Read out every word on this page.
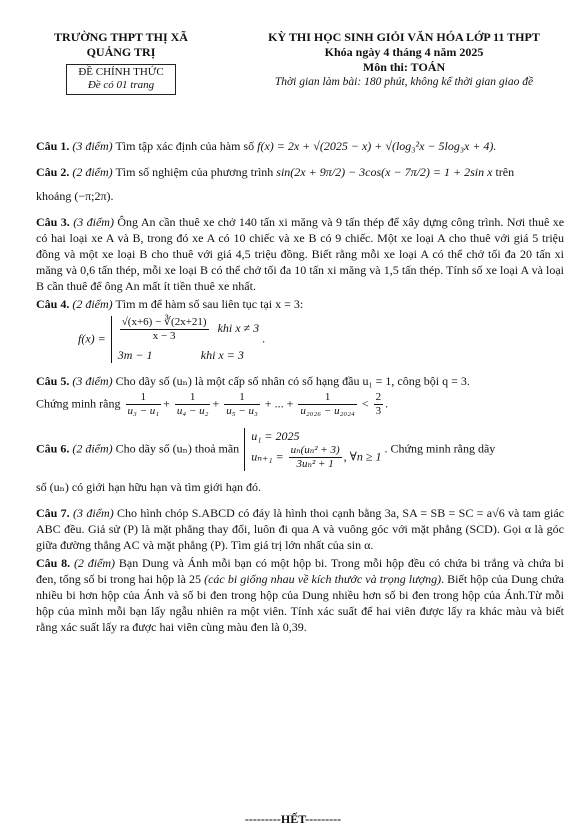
TRƯỜNG THPT THỊ XÃ
QUẢNG TRỊ
ĐỀ CHÍNH THỨC
Đề có 01 trang
KỲ THI HỌC SINH GIỎI VĂN HÓA LỚP 11 THPT
Khóa ngày 4 tháng 4 năm 2025
Môn thi: TOÁN
Thời gian làm bài: 180 phút, không kể thời gian giao đề

Câu 1. (3 điểm) Tìm tập xác định của hàm số f(x) = 2x + √(2025 − x) + √(log₃²x − 5log₃x + 4).

Câu 2. (2 điểm) Tìm số nghiệm của phương trình sin(2x + 9π/2) − 3cos(x − 7π/2) = 1 + 2sin x trên

khoảng (−π;2π).

Câu 3. (3 điểm) Ông An cần thuê xe chở 140 tấn xi măng và 9 tấn thép để xây dựng công trình. Nơi thuê xe có hai loại xe A và B, trong đó xe A có 10 chiếc và xe B có 9 chiếc. Một xe loại A cho thuê với giá 5 triệu đồng và một xe loại B cho thuê với giá 4,5 triệu đồng. Biết rằng mỗi xe loại A có thể chở tối đa 20 tấn xi măng và 0,6 tấn thép, mỗi xe loại B có thể chở tối đa 10 tấn xi măng và 1,5 tấn thép. Tính số xe loại A và loại B cần thuê để ông An mất ít tiền thuê xe nhất.

Câu 4. (2 điểm) Tìm m để hàm số sau liên tục tại x = 3:

$f(x) = \frac{√(x+6) - ∛(2x+21)}{x - 3}$ khi x ≠ 3
3m − 1	khi x = 3
.

Câu 5. (3 điểm) Cho dãy số (uₙ) là một cấp số nhân có số hạng đầu u₁ = 1, công bội q = 3.

Chứng minh rằng $\frac{1}{\text{u₃ − u₁}} + \frac{1}{\text{u₄ − u₂}} + \frac{1}{\text{u₅ − u₃}}$ + ... + $\frac{1}{\text{u₂₀₂₆ − u₂₀₂₄}} < \frac{2}{3}$ .
Câu 6. (2 điểm) Cho dãy số (uₙ) thoả mãn
u₁ = 2025
$u_{n+1} = \frac{\text{uₙ(uₙ² + 3)}}{\text{3uₙ² + 1}}$ , ∀n ≥ 1
. Chứng minh rằng dãy

số (uₙ) có giới hạn hữu hạn và tìm giới hạn đó.

Câu 7. (3 điểm) Cho hình chóp S.ABCD có đáy là hình thoi cạnh bằng 3a, SA = SB = SC = a√6 và tam giác ABC đều. Giả sử (P) là mặt phẳng thay đổi, luôn đi qua A và vuông góc với mặt phẳng (SCD). Gọi α là góc giữa đường thẳng AC và mặt phẳng (P). Tìm giá trị lớn nhất của sin α.

Câu 8. (2 điểm) Bạn Dung và Ánh mỗi bạn có một hộp bi. Trong mỗi hộp đều có chứa bi trắng và chứa bi đen, tổng số bi trong hai hộp là 25 (các bi giống nhau về kích thước và trọng lượng). Biết hộp của Dung chứa nhiều bi hơn hộp của Ánh và số bi đen trong hộp của Dung nhiều hơn số bi đen trong hộp của Ánh.Từ mỗi hộp của mình mỗi bạn lấy ngẫu nhiên ra một viên. Tính xác suất để hai viên được lấy ra khác màu và biết rằng xác suất lấy ra được hai viên cùng màu đen là 0,39.

---------HẾT---------
